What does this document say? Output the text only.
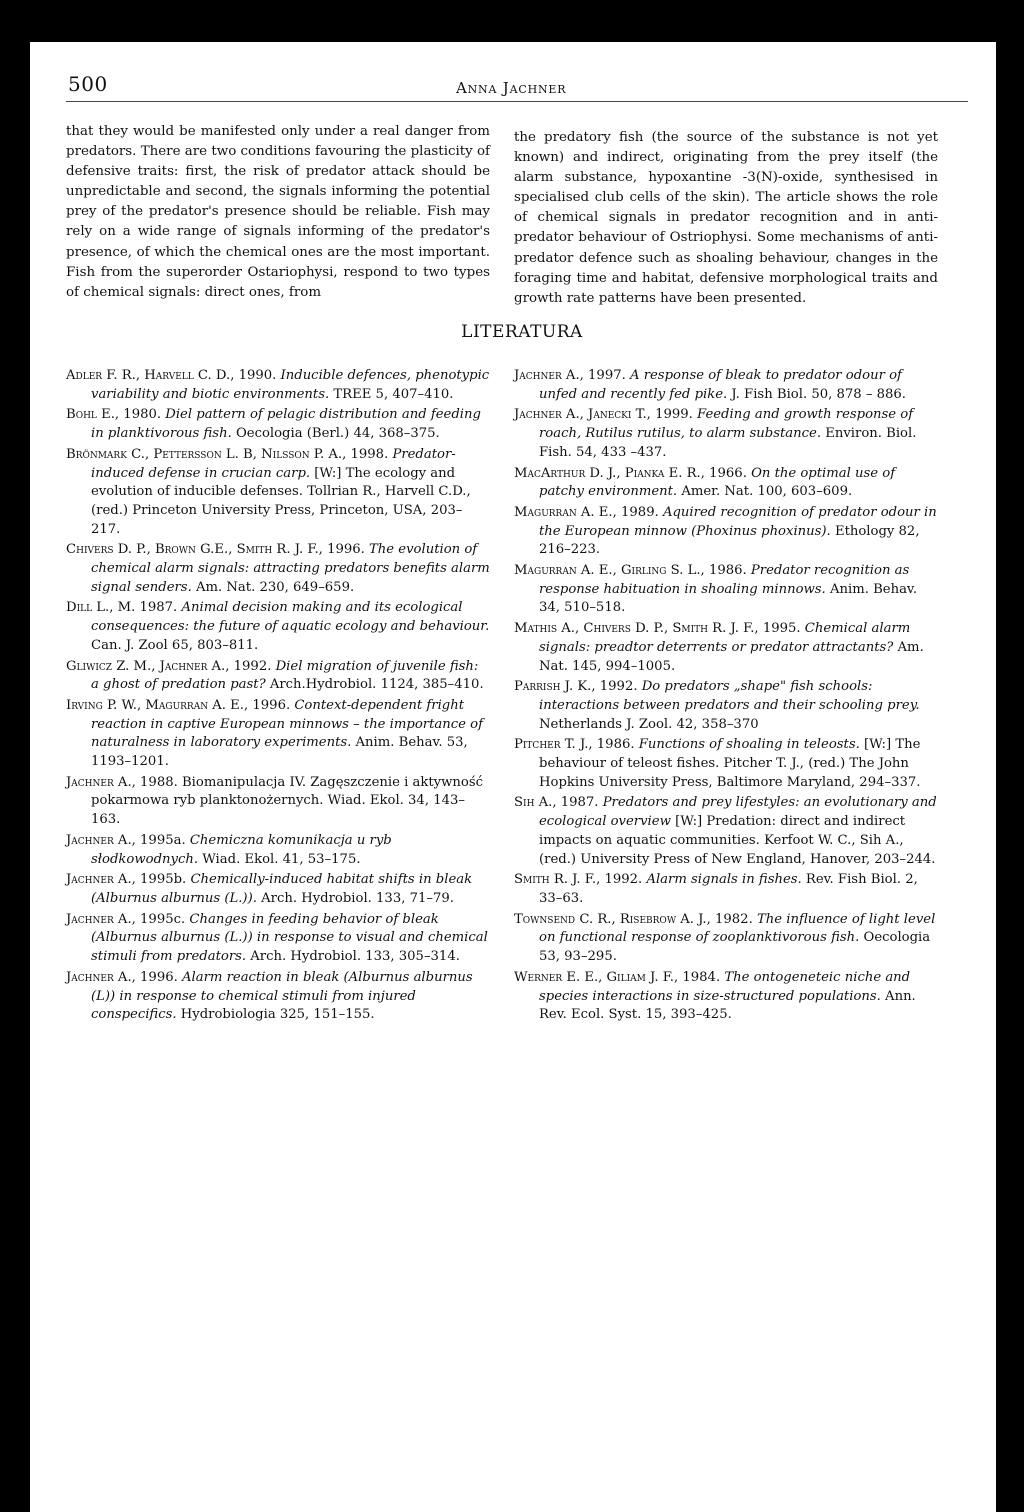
500	Anna Jachner

that they would be manifested only under a real danger from predators. There are two conditions favouring the plasticity of defensive traits: first, the risk of predator attack should be unpredictable and second, the signals informing the potential prey of the predator's presence should be reliable. Fish may rely on a wide range of signals informing of the predator's presence, of which the chemical ones are the most important. Fish from the superorder Ostariophysi, respond to two types of chemical signals: direct ones, from

the predatory fish (the source of the substance is not yet known) and indirect, originating from the prey itself (the alarm substance, hypoxantine -3(N)-oxide, synthesised in specialised club cells of the skin). The article shows the role of chemical signals in predator recognition and in anti-predator behaviour of Ostriophysi. Some mechanisms of anti-predator defence such as shoaling behaviour, changes in the foraging time and habitat, defensive morphological traits and growth rate patterns have been presented.

LITERATURA
Adler F. R., Harvell C. D., 1990. Inducible defences, phenotypic variability and biotic environments. TREE 5, 407–410.
Bohl E., 1980. Diel pattern of pelagic distribution and feeding in planktivorous fish. Oecologia (Berl.) 44, 368–375.
Brönmark C., Pettersson L. B, Nilsson P. A., 1998. Predator-induced defense in crucian carp. [W:] The ecology and evolution of inducible defenses. Tollrian R., Harvell C.D., (red.) Princeton University Press, Princeton, USA, 203–217.
Chivers D. P., Brown G.E., Smith R. J. F., 1996. The evolution of chemical alarm signals: attracting predators benefits alarm signal senders. Am. Nat. 230, 649–659.
Dill L., M. 1987. Animal decision making and its ecological consequences: the future of aquatic ecology and behaviour. Can. J. Zool 65, 803–811.
Gliwicz Z. M., Jachner A., 1992. Diel migration of juvenile fish: a ghost of predation past? Arch.Hydrobiol. 1124, 385–410.
Irving P. W., Magurran A. E., 1996. Context-dependent fright reaction in captive European minnows – the importance of naturalness in laboratory experiments. Anim. Behav. 53, 1193–1201.
Jachner A., 1988. Biomanipulacja IV. Zagęszczenie i aktywność pokarmowa ryb planktonożernych. Wiad. Ekol. 34, 143–163.
Jachner A., 1995a. Chemiczna komunikacja u ryb słodkowodnych. Wiad. Ekol. 41, 53–175.
Jachner A., 1995b. Chemically-induced habitat shifts in bleak (Alburnus alburnus (L.)). Arch. Hydrobiol. 133, 71–79.
Jachner A., 1995c. Changes in feeding behavior of bleak (Alburnus alburnus (L.)) in response to visual and chemical stimuli from predators. Arch. Hydrobiol. 133, 305–314.
Jachner A., 1996. Alarm reaction in bleak (Alburnus alburnus (L)) in response to chemical stimuli from injured conspecifics. Hydrobiologia 325, 151–155.
Jachner A., 1997. A response of bleak to predator odour of unfed and recently fed pike. J. Fish Biol. 50, 878 – 886.
Jachner A., Janecki T., 1999. Feeding and growth response of roach, Rutilus rutilus, to alarm substance. Environ. Biol. Fish. 54, 433 –437.
MacArthur D. J., Pianka E. R., 1966. On the optimal use of patchy environment. Amer. Nat. 100, 603–609.
Magurran A. E., 1989. Aquired recognition of predator odour in the European minnow (Phoxinus phoxinus). Ethology 82, 216–223.
Magurran A. E., Girling S. L., 1986. Predator recognition as response habituation in shoaling minnows. Anim. Behav. 34, 510–518.
Mathis A., Chivers D. P., Smith R. J. F., 1995. Chemical alarm signals: preadtor deterrents or predator attractants? Am. Nat. 145, 994–1005.
Parrish J. K., 1992. Do predators „shape" fish schools: interactions between predators and their schooling prey. Netherlands J. Zool. 42, 358–370
Pitcher T. J., 1986. Functions of shoaling in teleosts. [W:] The behaviour of teleost fishes. Pitcher T. J., (red.) The John Hopkins University Press, Baltimore Maryland, 294–337.
Sih A., 1987. Predators and prey lifestyles: an evolutionary and ecological overview [W:] Predation: direct and indirect impacts on aquatic communities. Kerfoot W. C., Sih A., (red.) University Press of New England, Hanover, 203–244.
Smith R. J. F., 1992. Alarm signals in fishes. Rev. Fish Biol. 2, 33–63.
Townsend C. R., Risebrow A. J., 1982. The influence of light level on functional response of zooplanktivorous fish. Oecologia 53, 93–295.
Werner E. E., Giliam J. F., 1984. The ontogeneteic niche and species interactions in size-structured populations. Ann. Rev. Ecol. Syst. 15, 393–425.
